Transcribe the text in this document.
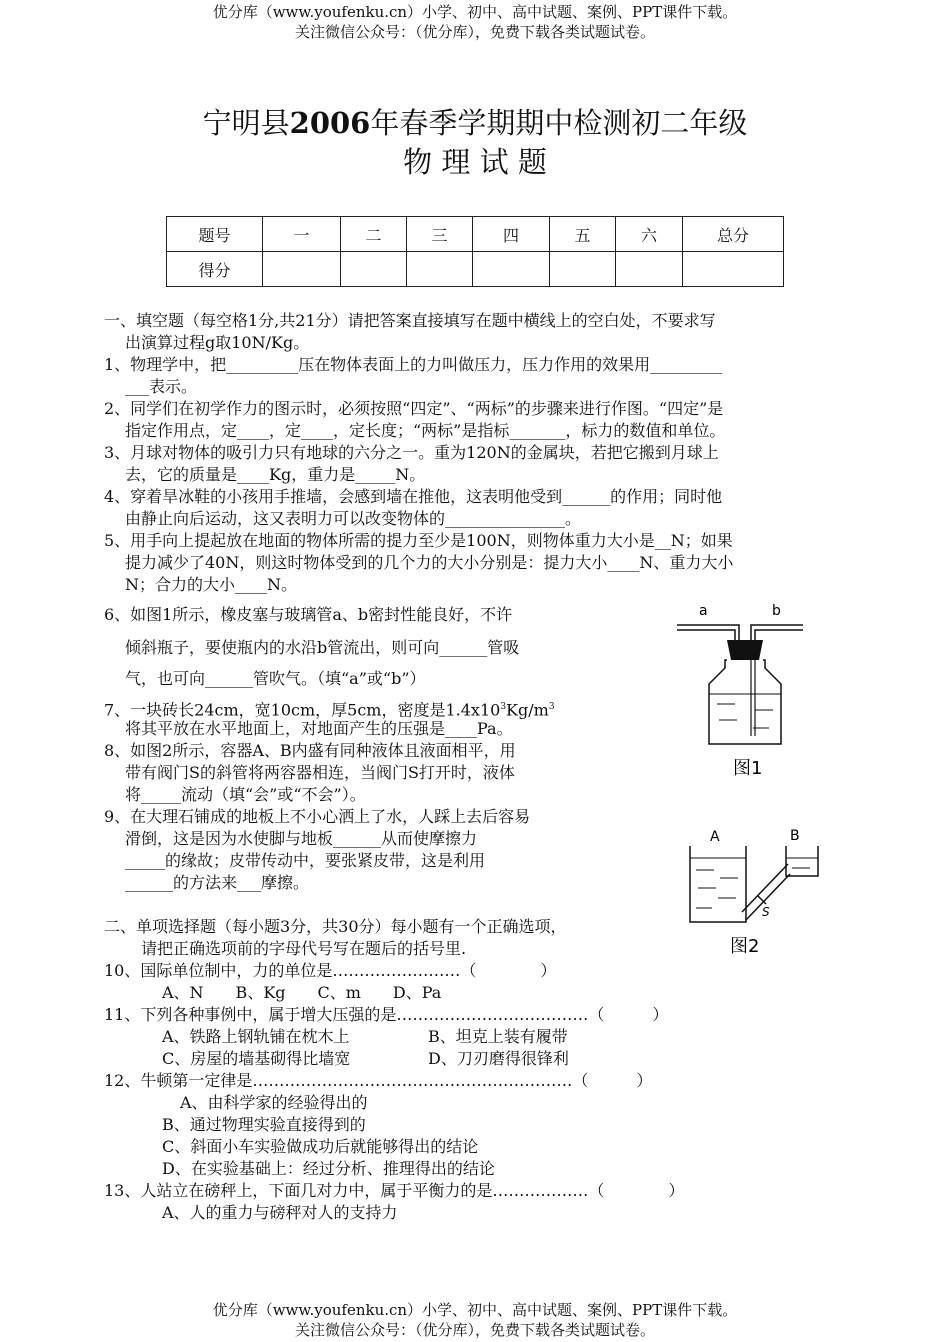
优分库（www.youfenku.cn）小学、初中、高中试题、案例、PPT课件下载。
关注微信公众号：（优分库），免费下载各类试题试卷。
宁明县2006年春季学期期中检测初二年级
物 理 试 题
题号	一	二	三	四	五	六	总分
得分							
一、填空题（每空格1分,共21分）请把答案直接填写在题中横线上的空白处，不要求写
出演算过程g取10N/Kg。
1、物理学中，把_________压在物体表面上的力叫做压力，压力作用的效果用_________
___表示。
2、同学们在初学作力的图示时，必须按照“四定”、“两标”的步骤来进行作图。“四定”是
指定作用点，定____，定____，定长度；“两标”是指标_______，标力的数值和单位。
3、月球对物体的吸引力只有地球的六分之一。重为120N的金属块，若把它搬到月球上
去，它的质量是____Kg，重力是_____N。
4、穿着旱冰鞋的小孩用手推墙，会感到墙在推他，这表明他受到______的作用；同时他
由静止向后运动，这又表明力可以改变物体的_______________。
5、用手向上提起放在地面的物体所需的提力至少是100N，则物体重力大小是__N；如果
提力减少了40N，则这时物体受到的几个力的大小分别是：提力大小____N、重力大小
N；合力的大小____N。
6、如图1所示，橡皮塞与玻璃管a、b密封性能良好，不许
倾斜瓶子，要使瓶内的水沿b管流出，则可向______管吸
气，也可向______管吹气。（填“a”或“b”）
7、一块砖长24cm，宽10cm，厚5cm，密度是$1.4x10^3Kg/m^3$
将其平放在水平地面上，对地面产生的压强是____Pa。
8、如图2所示，容器A、B内盛有同种液体且液面相平，用
带有阀门S的斜管将两容器相连，当阀门S打开时，液体
将_____流动（填“会”或“不会”）。
9、在大理石铺成的地板上不小心洒上了水，人踩上去后容易
滑倒，这是因为水使脚与地板______从而使摩擦力
_____的缘故；皮带传动中，要张紧皮带，这是利用
______的方法来___摩擦。
二、单项选择题（每小题3分，共30分）每小题有一个正确选项，
请把正确选项前的字母代号写在题后的括号里.
10、国际单位制中，力的单位是……………………（　　　　）
A、N　　B、Kg　　C、m　　D、Pa
11、下列各种事例中，属于增大压强的是………………………………（　　　）
A、铁路上钢轨铺在枕木上	B、坦克上装有履带
C、房屋的墙基砌得比墙宽	D、刀刃磨得很锋利
12、牛顿第一定律是……………………………………………………（　　　）
A、由科学家的经验得出的
B、通过物理实验直接得到的
C、斜面小车实验做成功后就能够得出的结论
D、在实验基础上：经过分析、推理得出的结论
13、人站立在磅秤上，下面几对力中，属于平衡力的是………………（　　　　）
A、人的重力与磅秤对人的支持力
a	b
图1
A	B
S
图2
优分库（www.youfenku.cn）小学、初中、高中试题、案例、PPT课件下载。
关注微信公众号：（优分库），免费下载各类试题试卷。
